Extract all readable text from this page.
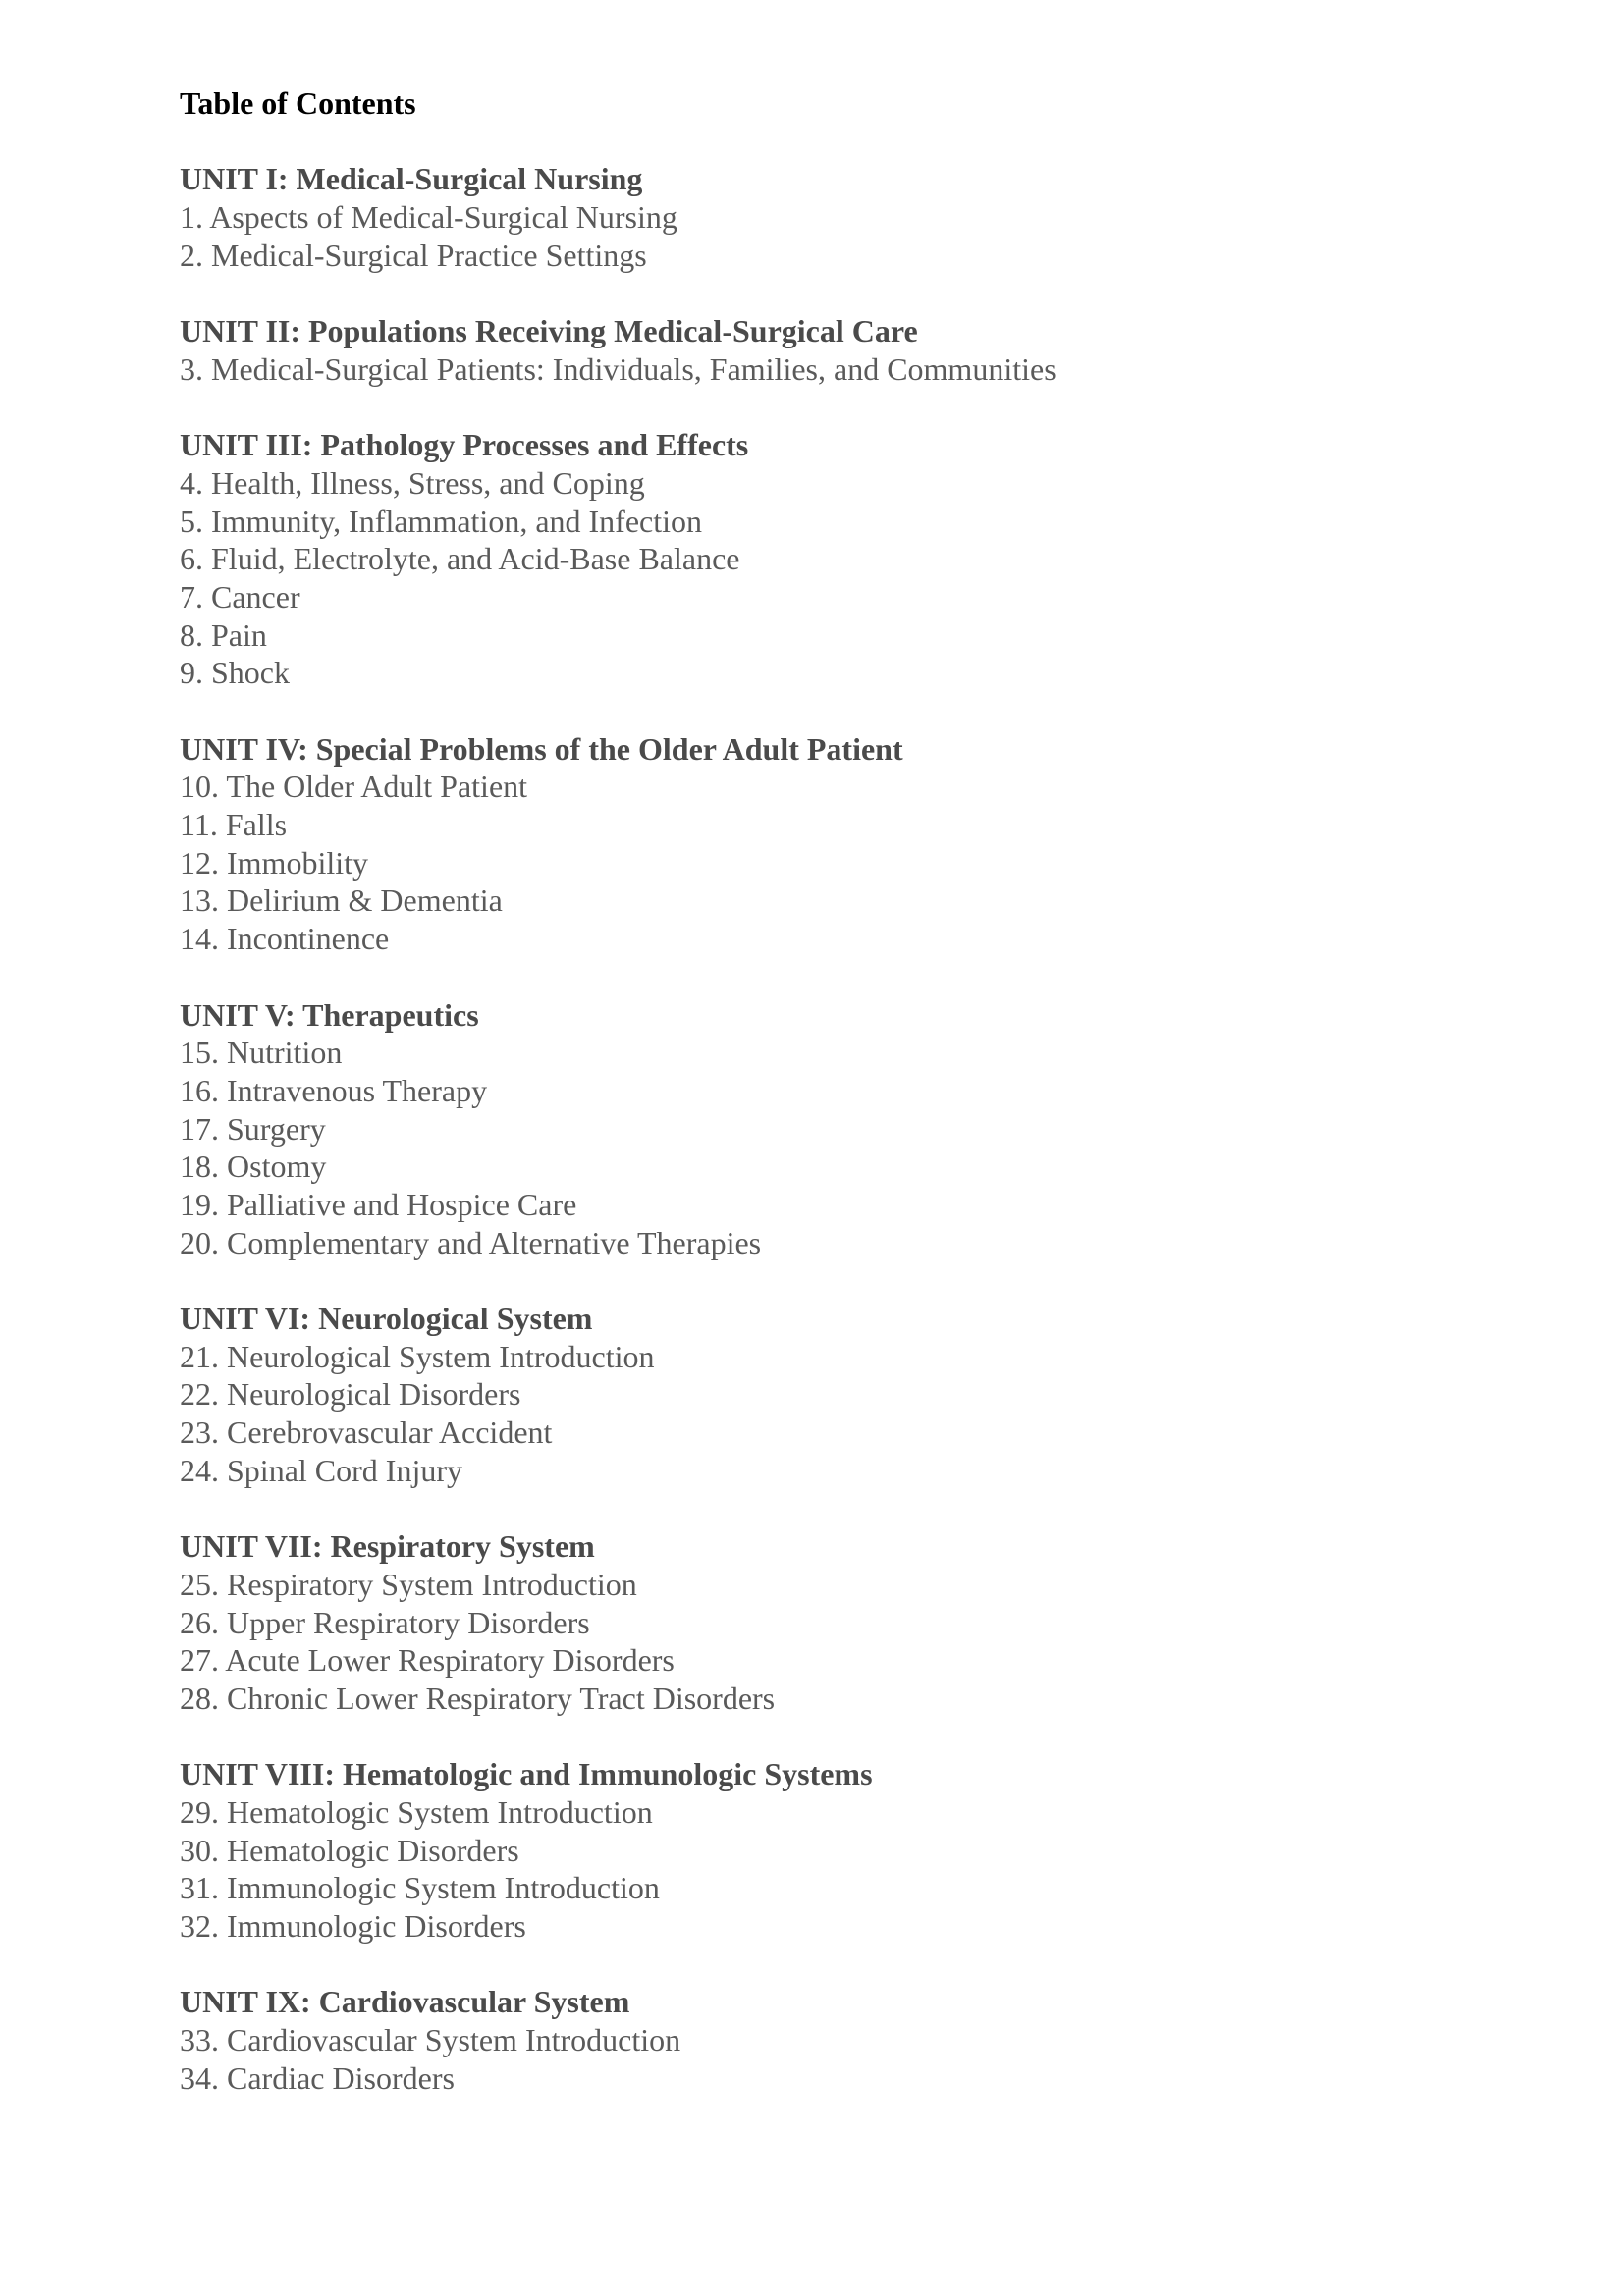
Table of Contents
UNIT I: Medical-Surgical Nursing
1. Aspects of Medical-Surgical Nursing
2. Medical-Surgical Practice Settings
UNIT II: Populations Receiving Medical-Surgical Care
3. Medical-Surgical Patients: Individuals, Families, and Communities
UNIT III: Pathology Processes and Effects
4. Health, Illness, Stress, and Coping
5. Immunity, Inflammation, and Infection
6. Fluid, Electrolyte, and Acid-Base Balance
7. Cancer
8. Pain
9. Shock
UNIT IV: Special Problems of the Older Adult Patient
10. The Older Adult Patient
11. Falls
12. Immobility
13. Delirium & Dementia
14. Incontinence
UNIT V: Therapeutics
15. Nutrition
16. Intravenous Therapy
17. Surgery
18. Ostomy
19. Palliative and Hospice Care
20. Complementary and Alternative Therapies
UNIT VI: Neurological System
21. Neurological System Introduction
22. Neurological Disorders
23. Cerebrovascular Accident
24. Spinal Cord Injury
UNIT VII: Respiratory System
25. Respiratory System Introduction
26. Upper Respiratory Disorders
27. Acute Lower Respiratory Disorders
28. Chronic Lower Respiratory Tract Disorders
UNIT VIII: Hematologic and Immunologic Systems
29. Hematologic System Introduction
30. Hematologic Disorders
31. Immunologic System Introduction
32. Immunologic Disorders
UNIT IX: Cardiovascular System
33. Cardiovascular System Introduction
34. Cardiac Disorders
